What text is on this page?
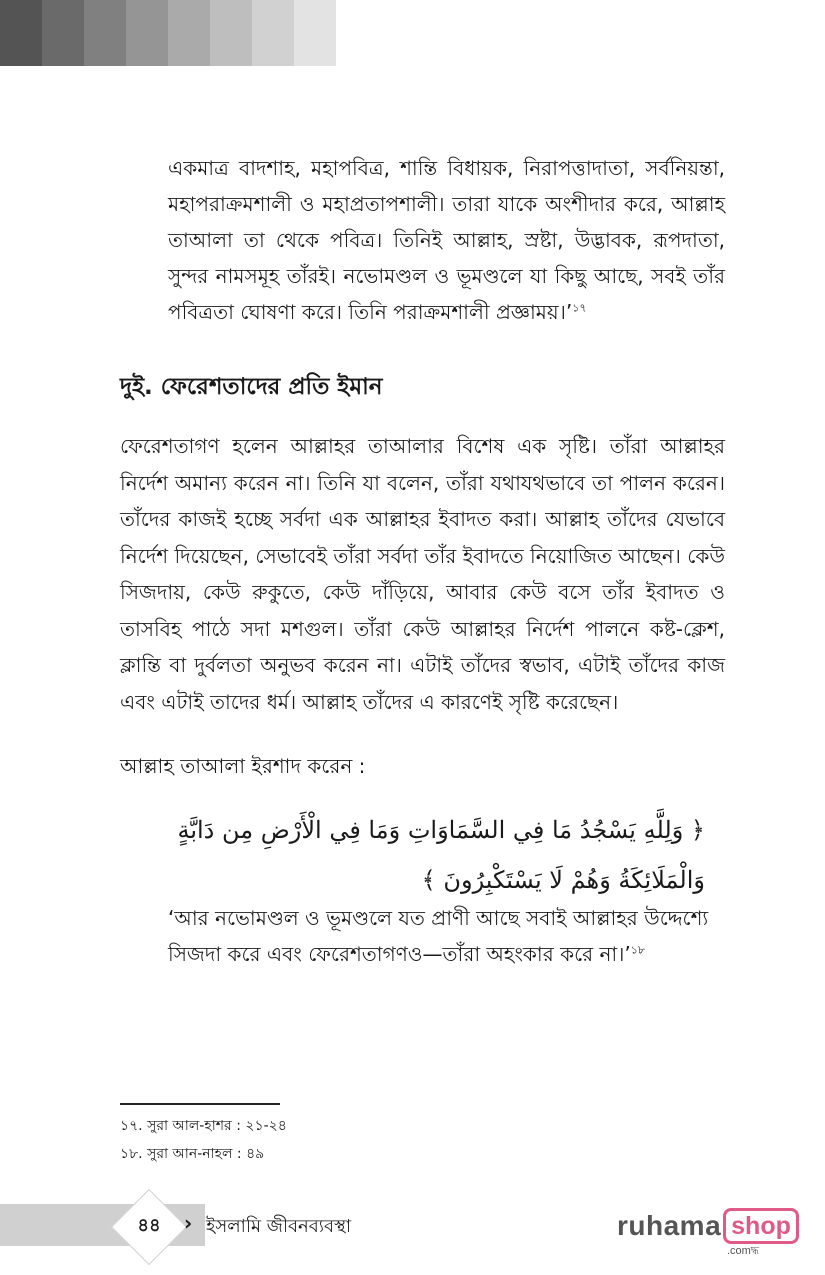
একমাত্র বাদশাহ, মহাপবিত্র, শান্তি বিধায়ক, নিরাপত্তাদাতা, সর্বনিয়ন্তা, মহাপরাক্রমশালী ও মহাপ্রতাপশালী। তারা যাকে অংশীদার করে, আল্লাহ তাআলা তা থেকে পবিত্র। তিনিই আল্লাহ, স্রষ্টা, উদ্ভাবক, রূপদাতা, সুন্দর নামসমূহ তাঁরই। নভোমণ্ডল ও ভূমণ্ডলে যা কিছু আছে, সবই তাঁর পবিত্রতা ঘোষণা করে। তিনি পরাক্রমশালী প্রজ্ঞাময়।’$^{১৭}$
দুই. ফেরেশতাদের প্রতি ইমান
ফেরেশতাগণ হলেন আল্লাহর তাআলার বিশেষ এক সৃষ্টি। তাঁরা আল্লাহর নির্দেশ অমান্য করেন না। তিনি যা বলেন, তাঁরা যথাযথভাবে তা পালন করেন। তাঁদের কাজই হচ্ছে সর্বদা এক আল্লাহর ইবাদত করা। আল্লাহ তাঁদের যেভাবে নির্দেশ দিয়েছেন, সেভাবেই তাঁরা সর্বদা তাঁর ইবাদতে নিয়োজিত আছেন। কেউ সিজদায়, কেউ রুকুতে, কেউ দাঁড়িয়ে, আবার কেউ বসে তাঁর ইবাদত ও তাসবিহ পাঠে সদা মশগুল। তাঁরা কেউ আল্লাহর নির্দেশ পালনে কষ্ট-ক্লেশ, ক্লান্তি বা দুর্বলতা অনুভব করেন না। এটাই তাঁদের স্বভাব, এটাই তাঁদের কাজ এবং এটাই তাদের ধর্ম। আল্লাহ তাঁদের এ কারণেই সৃষ্টি করেছেন।
আল্লাহ তাআলা ইরশাদ করেন :
﴿ وَلِلَّهِ يَسْجُدُ مَا فِي السَّمَاوَاتِ وَمَا فِي الْأَرْضِ مِن دَابَّةٍ وَالْمَلَائِكَةُ وَهُمْ لَا يَسْتَكْبِرُونَ ﴾
‘আর নভোমণ্ডল ও ভূমণ্ডলে যত প্রাণী আছে সবাই আল্লাহর উদ্দেশ্যে সিজদা করে এবং ফেরেশতাগণও—তাঁরা অহংকার করে না।’$^{১৮}$
১৭. সুরা আল-হাশর : ২১-২৪
১৮. সুরা আন-নাহল : ৪৯
৪৪	› ইসলামি জীবনব্যবস্থা	ruhama shop
.comদ্ধ
